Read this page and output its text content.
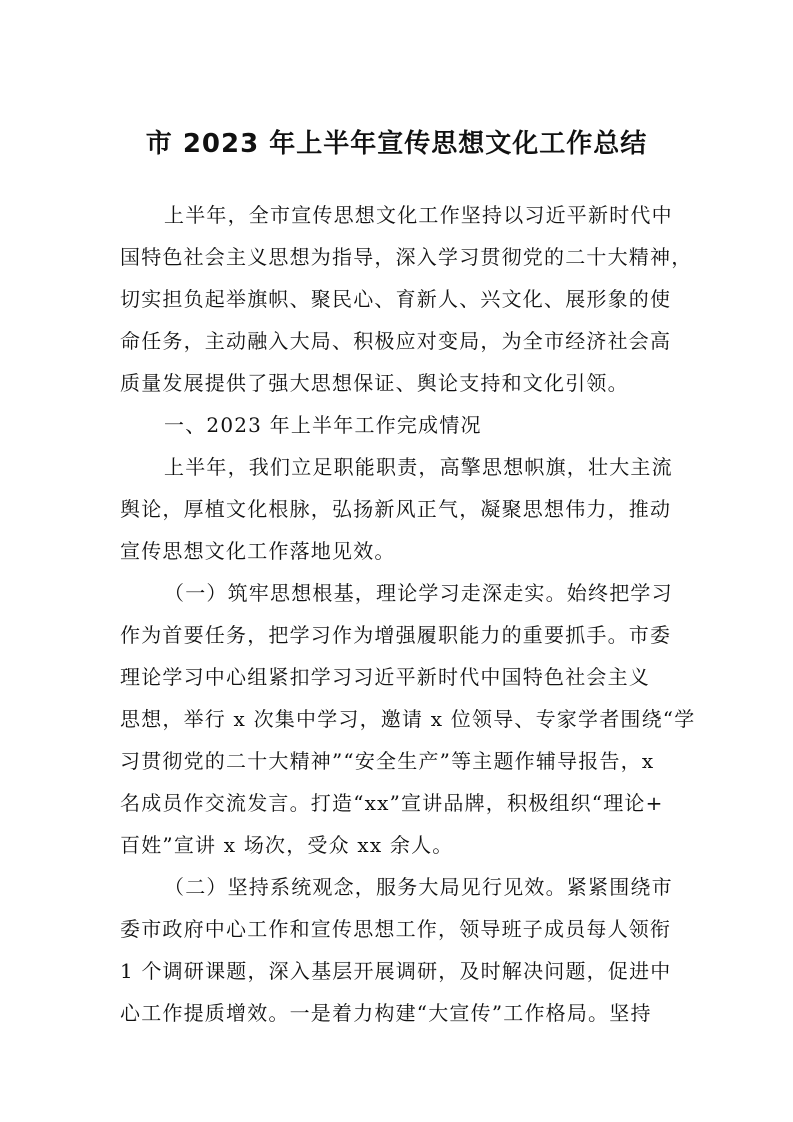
市 2023 年上半年宣传思想文化工作总结
上半年，全市宣传思想文化工作坚持以习近平新时代中
国特色社会主义思想为指导，深入学习贯彻党的二十大精神，
切实担负起举旗帜、聚民心、育新人、兴文化、展形象的使
命任务，主动融入大局、积极应对变局，为全市经济社会高
质量发展提供了强大思想保证、舆论支持和文化引领。
一、2023 年上半年工作完成情况
上半年，我们立足职能职责，高擎思想帜旗，壮大主流
舆论，厚植文化根脉，弘扬新风正气，凝聚思想伟力，推动
宣传思想文化工作落地见效。
（一）筑牢思想根基，理论学习走深走实。始终把学习
作为首要任务，把学习作为增强履职能力的重要抓手。市委
理论学习中心组紧扣学习习近平新时代中国特色社会主义
思想，举行 x 次集中学习，邀请 x 位领导、专家学者围绕“学
习贯彻党的二十大精神”“安全生产”等主题作辅导报告，x
名成员作交流发言。打造“xx”宣讲品牌，积极组织“理论+
百姓”宣讲 x 场次，受众 xx 余人。
（二）坚持系统观念，服务大局见行见效。紧紧围绕市
委市政府中心工作和宣传思想工作，领导班子成员每人领衔
1 个调研课题，深入基层开展调研，及时解决问题，促进中
心工作提质增效。一是着力构建“大宣传”工作格局。坚持
